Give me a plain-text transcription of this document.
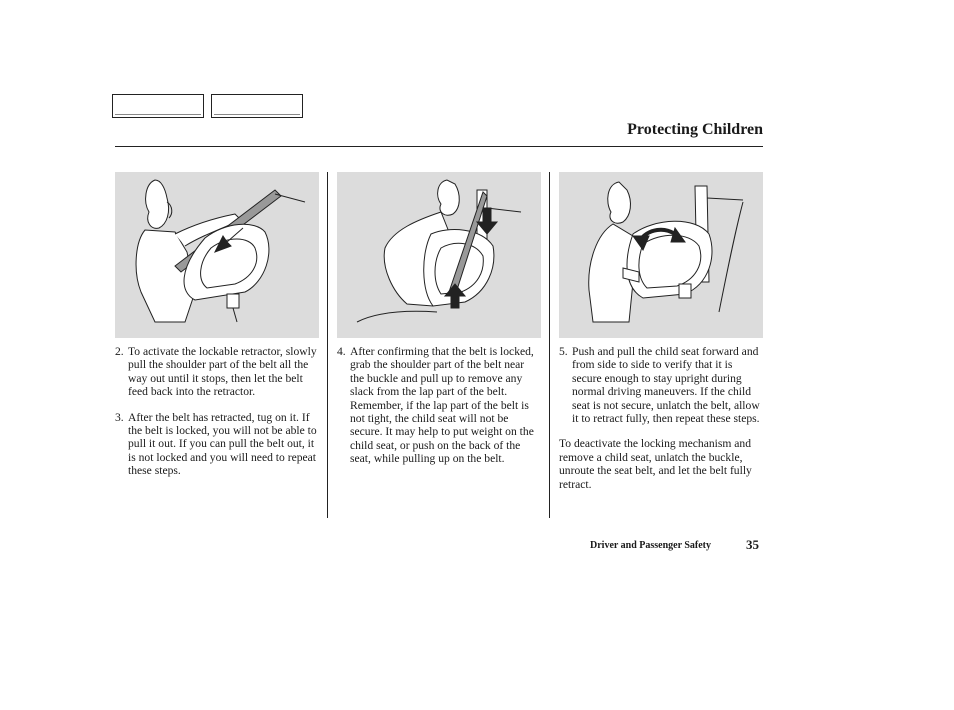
Protecting Children
2. To activate the lockable retractor, slowly pull the shoulder part of the belt all the way out until it stops, then let the belt feed back into the retractor.
3. After the belt has retracted, tug on it. If the belt is locked, you will not be able to pull it out. If you can pull the belt out, it is not locked and you will need to repeat these steps.
4. After confirming that the belt is locked, grab the shoulder part of the belt near the buckle and pull up to remove any slack from the lap part of the belt. Remember, if the lap part of the belt is not tight, the child seat will not be secure. It may help to put weight on the child seat, or push on the back of the seat, while pulling up on the belt.
5. Push and pull the child seat forward and from side to side to verify that it is secure enough to stay upright during normal driving maneuvers. If the child seat is not secure, unlatch the belt, allow it to retract fully, then repeat these steps.

To deactivate the locking mechanism and remove a child seat, unlatch the buckle, unroute the seat belt, and let the belt fully retract.

Driver and Passenger Safety	35
